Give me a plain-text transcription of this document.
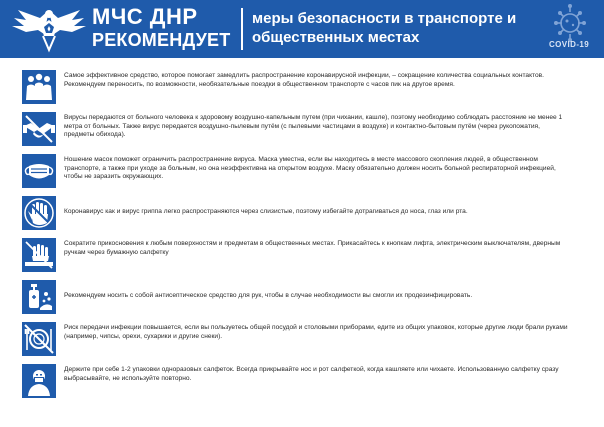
МЧС ДНР
РЕКОМЕНДУЕТ
меры безопасности в транспорте и общественных местах	COVID-19
Самое эффективное средство, которое помогает замедлить распространение коронавирусной инфекции, – сокращение количества социальных контактов. Рекомендуем переносить, по возможности, необязательные поездки в общественном транспорте с часов пик на другое время.
Вирусы передаются от больного человека к здоровому воздушно-капельным путем (при чихании, кашле), поэтому необходимо соблюдать расстояние не менее 1 метра от больных. Также вирус передается воздушно-пылевым путём (с пылевыми частицами в воздухе) и контактно-бытовым путём (через рукопожатия, предметы обихода).
Ношение масок поможет ограничить распространение вируса. Маска уместна, если вы находитесь в месте массового скопления людей, в общественном транспорте, а также при уходе за больным, но она неэффективна на открытом воздухе. Маску обязательно должен носить больной респираторной инфекцией, чтобы не заразить окружающих.
Коронавирус как и вирус гриппа легко распространяются через слизистые, поэтому избегайте дотрагиваться до носа, глаз или рта.
Сократите прикосновения к любым поверхностям и предметам в общественных местах. Прикасайтесь к кнопкам лифта, электрическим выключателям, дверным ручкам через бумажную салфетку
Рекомендуем носить с собой антисептическое средство для рук, чтобы в случае необходимости вы смогли их продезинфицировать.
Риск передачи инфекции повышается, если вы пользуетесь общей посудой и столовыми приборами, едите из общих упаковок, которые другие люди брали руками (например, чипсы, орехи, сухарики и другие снеки).
Держите при себе 1-2 упаковки одноразовых салфеток. Всегда прикрывайте нос и рот салфеткой, когда кашляете или чихаете. Использованную салфетку сразу выбрасывайте, не используйте повторно.
